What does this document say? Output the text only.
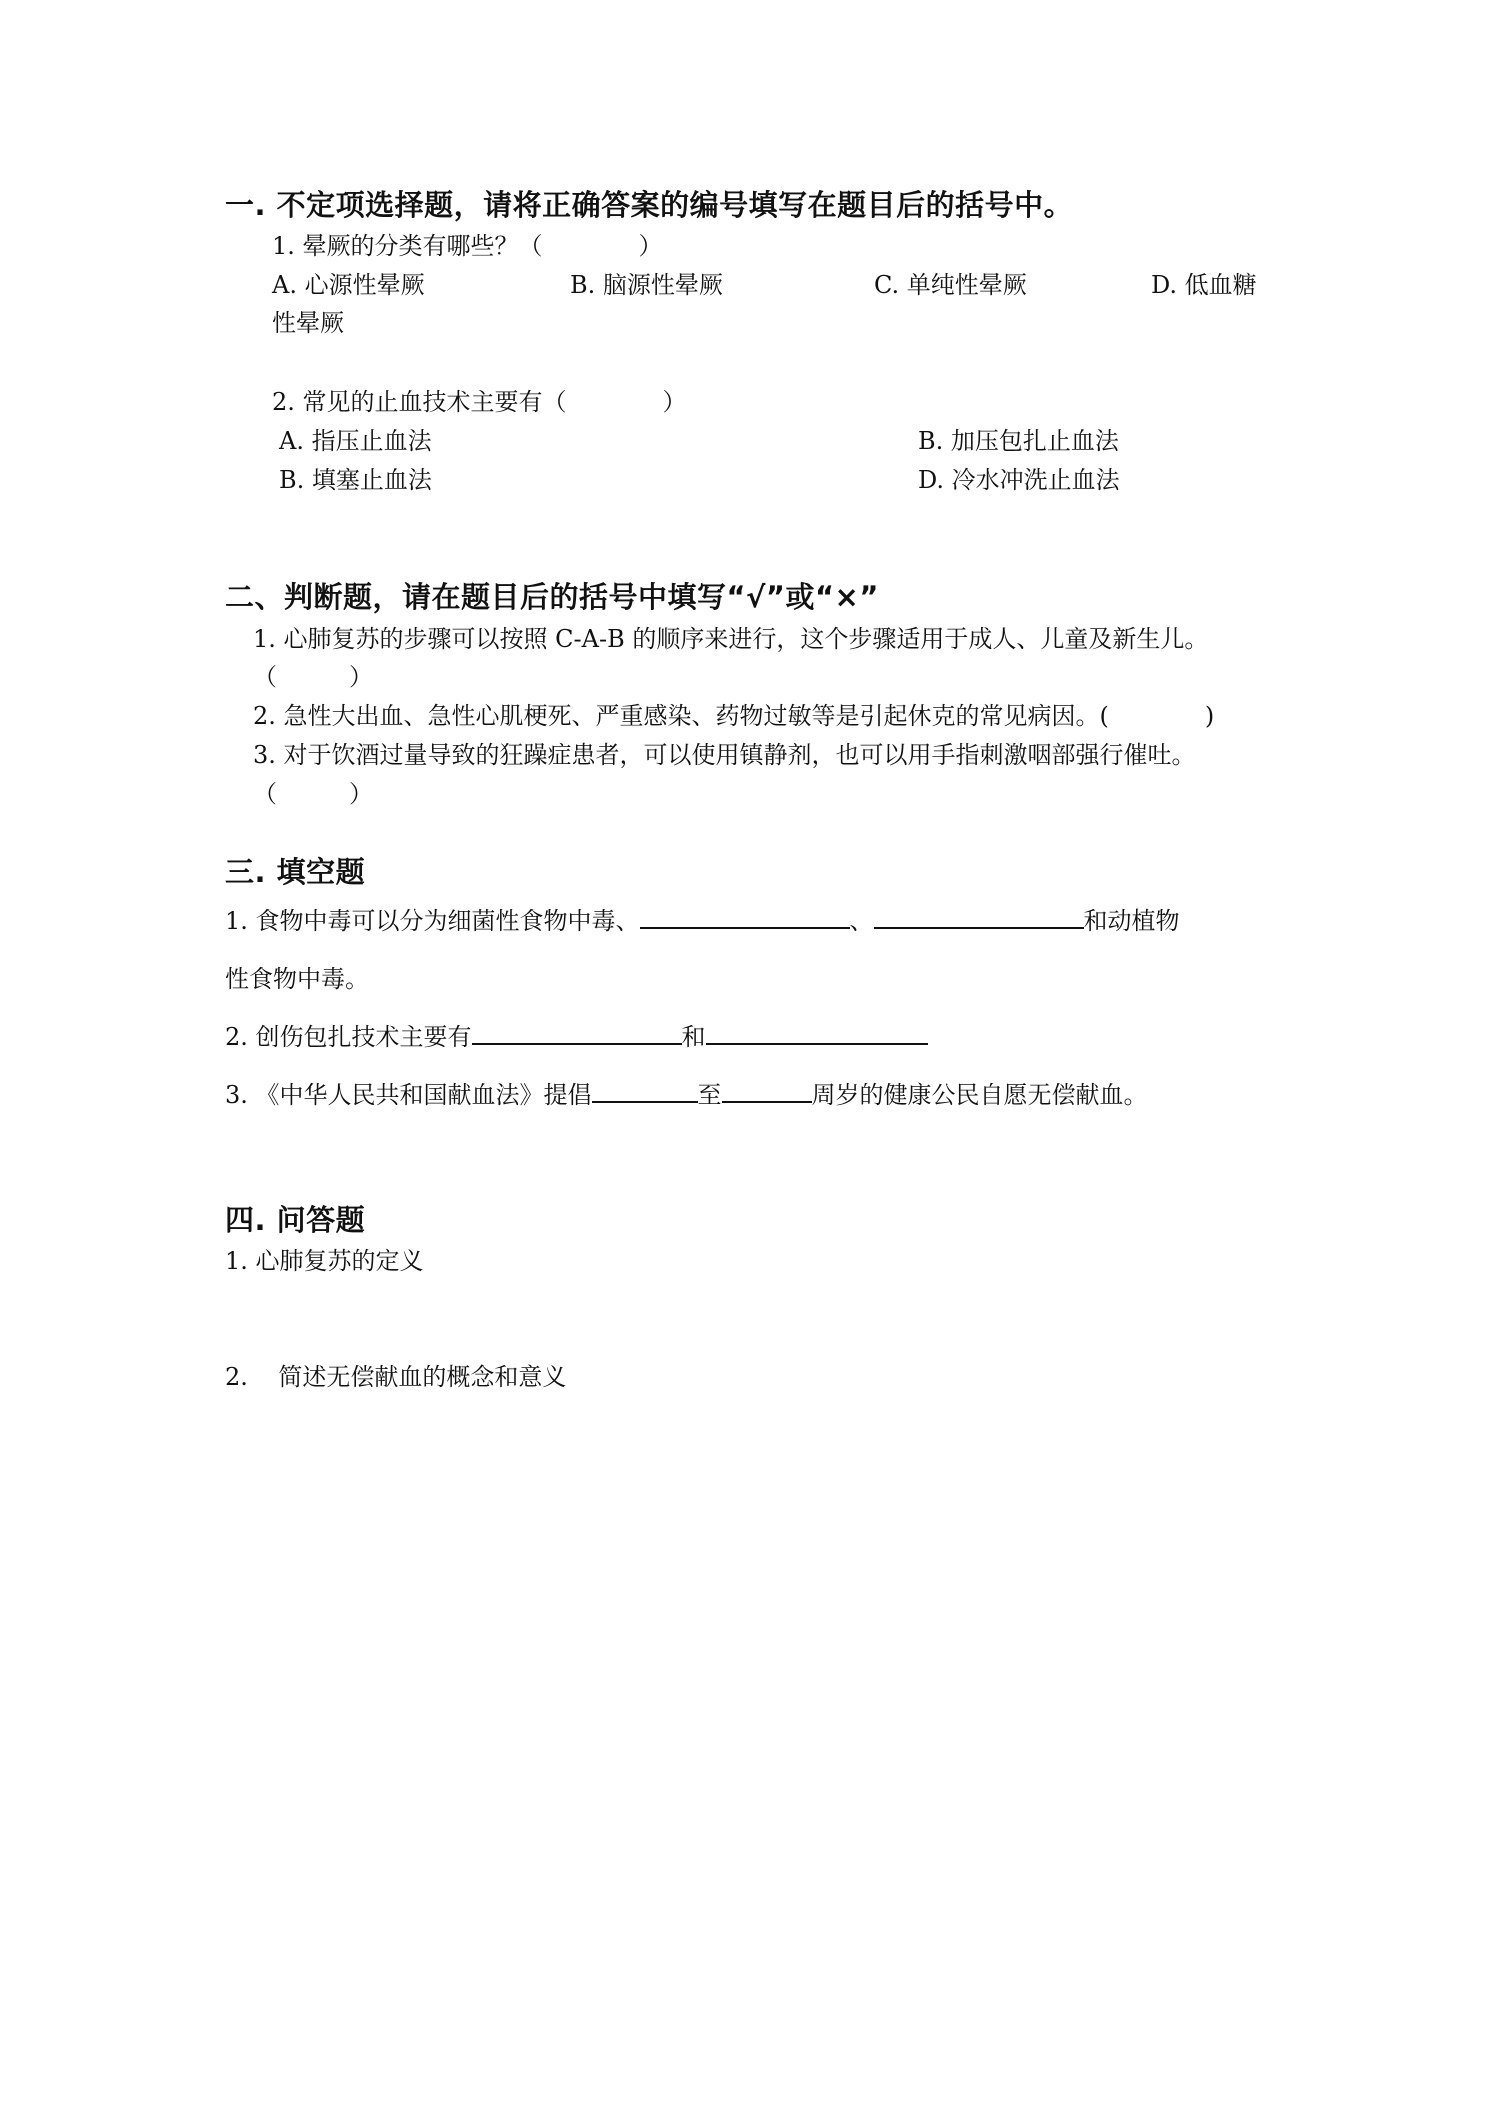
一. 不定项选择题，请将正确答案的编号填写在题目后的括号中。
1. 晕厥的分类有哪些？（　　　　）
A. 心源性晕厥	B. 脑源性晕厥	C. 单纯性晕厥	D. 低血糖
性晕厥
2. 常见的止血技术主要有（　　　　）
A. 指压止血法	B. 加压包扎止血法
B. 填塞止血法	D. 冷水冲洗止血法
二、判断题，请在题目后的括号中填写“√”或“×”
1. 心肺复苏的步骤可以按照 C-A-B 的顺序来进行，这个步骤适用于成人、儿童及新生儿。
（　　　）
2. 急性大出血、急性心肌梗死、严重感染、药物过敏等是引起休克的常见病因。(　　　　)
3. 对于饮酒过量导致的狂躁症患者，可以使用镇静剂，也可以用手指刺激咽部强行催吐。
（　　　）
三. 填空题
1. 食物中毒可以分为细菌性食物中毒、	、	和动植物
性食物中毒。
2. 创伤包扎技术主要有	和
3. 《中华人民共和国献血法》提倡	至	周岁的健康公民自愿无偿献血。
四. 问答题
1. 心肺复苏的定义
2.    简述无偿献血的概念和意义
